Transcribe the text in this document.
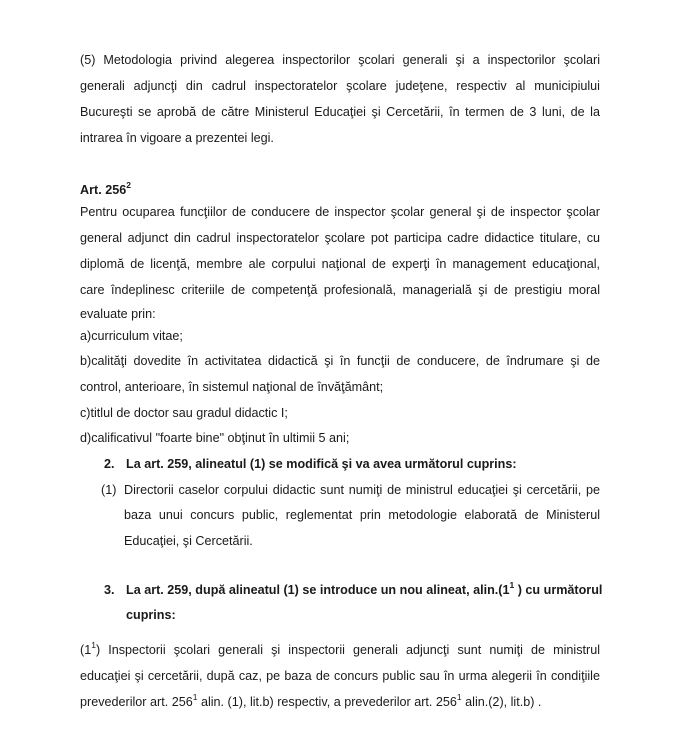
(5) Metodologia privind alegerea inspectorilor şcolari generali şi a inspectorilor şcolari
generali adjuncţi din cadrul inspectoratelor şcolare judeţene, respectiv al municipiului
Bucureşti se aprobă de către Ministerul Educaţiei şi Cercetării, în termen de 3 luni, de la
intrarea în vigoare a prezentei legi.
Art. $256^2$
Pentru ocuparea funcţiilor de conducere de inspector şcolar general şi de inspector şcolar
general adjunct din cadrul inspectoratelor şcolare pot participa cadre didactice titulare, cu
diplomă de licenţă, membre ale corpului naţional de experţi în management educaţional,
care îndeplinesc criteriile de competenţă profesională, managerială şi de prestigiu moral
evaluate prin:
a)curriculum vitae;
b)calităţi dovedite în activitatea didactică şi în funcţii de conducere, de îndrumare şi de
control, anterioare, în sistemul naţional de învăţământ;
c)titlul de doctor sau gradul didactic I;
d)calificativul "foarte bine" obţinut în ultimii 5 ani;
2. La art. 259, alineatul (1) se modifică şi va avea următorul cuprins:
(1) Directorii caselor corpului didactic sunt numiţi de ministrul educaţiei şi cercetării, pe
baza unui concurs public, reglementat prin metodologie elaborată de Ministerul
Educaţiei, şi Cercetării.
3. La art. 259, după alineatul (1) se introduce un nou alineat, $alin.(1^1$ ) cu următorul
cuprins:
$(1^1)$ Inspectorii şcolari generali şi inspectorii generali adjuncţi sunt numiţi de ministrul
educaţiei şi cercetării, după caz, pe baza de concurs public sau în urma alegerii în condiţiile
prevederilor art. $256^1$ alin. (1), lit.b) respectiv, a prevederilor art. $256^1$ alin.(2), lit.b) .
